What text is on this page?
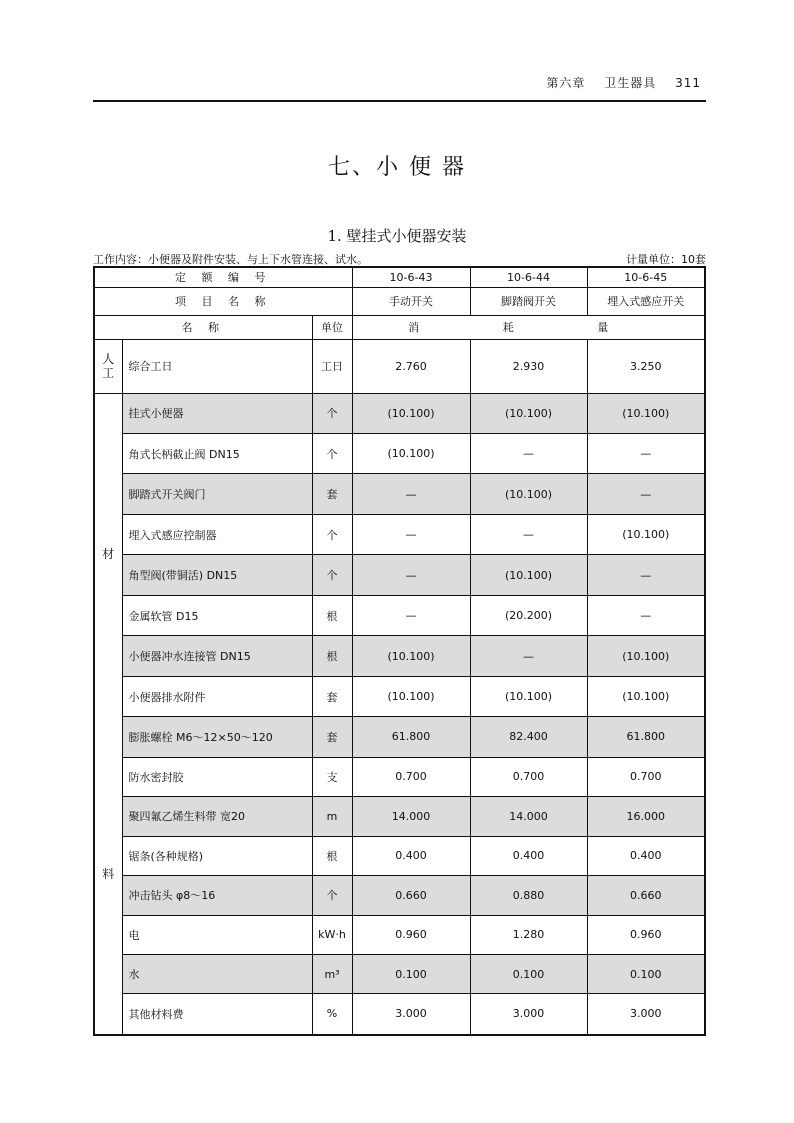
第六章 卫生器具 311
七、小 便 器
1. 壁挂式小便器安装
工作内容：小便器及附件安装、与上下水管连接、试水。	计量单位：10套
定 额 编 号			10-6-43	10-6-44	10-6-45
项 目 名 称			手动开关	脚踏阀开关	埋入式感应开关
名 称		单位	消 耗 量		
人工	综合工日	工日	2.760	2.930	3.250

材
料	挂式小便器	个	(10.100)	(10.100)	(10.100)
	角式长柄截止阀 DN15	个	(10.100)	—	—
	脚踏式开关阀门	套	—	(10.100)	—
	埋入式感应控制器	个	—	—	(10.100)
	角型阀(带铜活) DN15	个	—	(10.100)	—
	金属软管 D15	根	—	(20.200)	—
	小便器冲水连接管 DN15	根	(10.100)	—	(10.100)
	小便器排水附件	套	(10.100)	(10.100)	(10.100)
	膨胀螺栓 M6～12×50～120	套	61.800	82.400	61.800
	防水密封胶	支	0.700	0.700	0.700
	聚四氟乙烯生料带 宽20	m	14.000	14.000	16.000
	锯条(各种规格)	根	0.400	0.400	0.400
	冲击钻头 φ8～16	个	0.660	0.880	0.660
	电	kW·h	0.960	1.280	0.960
	水	m³	0.100	0.100	0.100
	其他材料费	%	3.000	3.000	3.000
